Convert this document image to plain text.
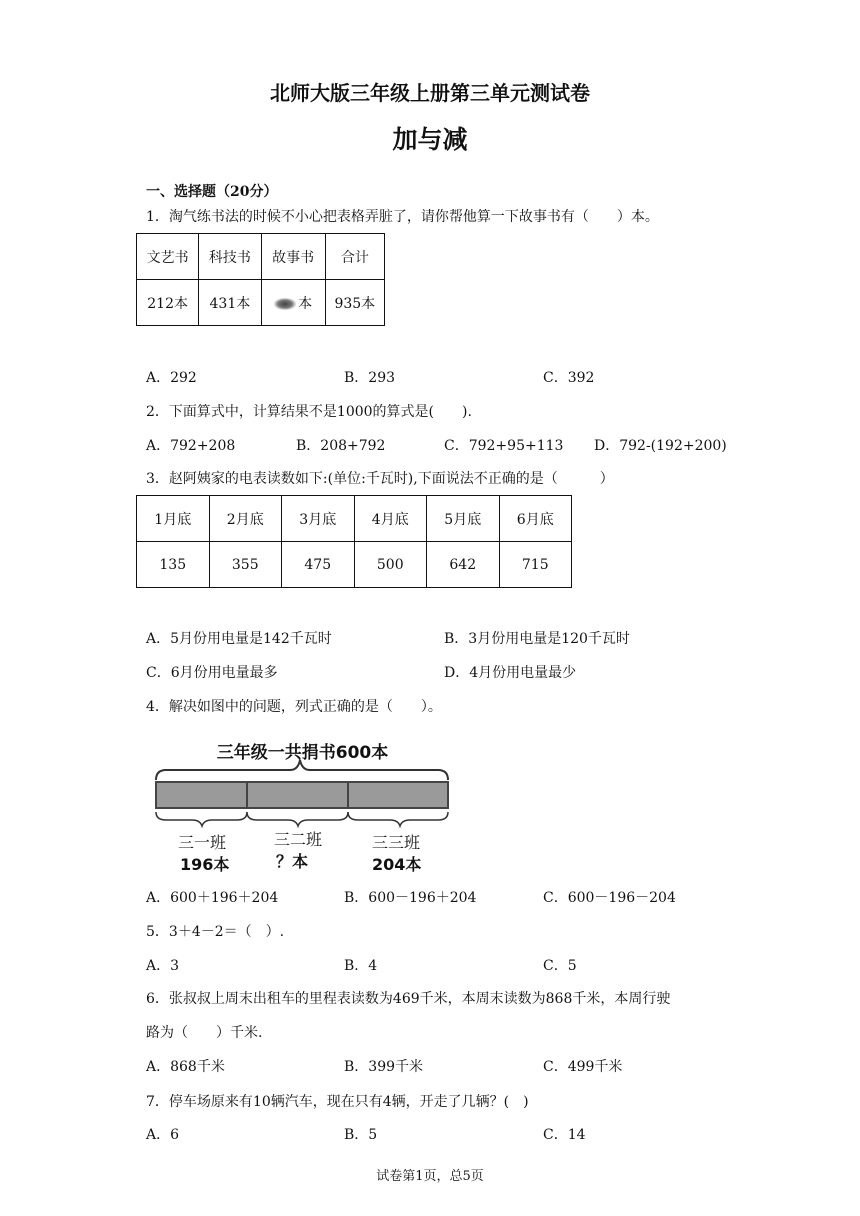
北师大版三年级上册第三单元测试卷
加与减
一、选择题（20分）
1．淘气练书法的时候不小心把表格弄脏了，请你帮他算一下故事书有（　　）本。
文艺书	科技书	故事书	合计
212本	431本	本	935本
A．292	B．293	C．392
2．下面算式中，计算结果不是1000的算式是(　　).
A．792+208	B．208+792	C．792+95+113 D．792-(192+200)
3．赵阿姨家的电表读数如下:(单位:千瓦时),下面说法不正确的是（　　　）
1月底	2月底	3月底	4月底	5月底	6月底
135	355	475	500	642	715
A．5月份用电量是142千瓦时	B．3月份用电量是120千瓦时
C．6月份用电量最多	D．4月份用电量最少
4．解决如图中的问题，列式正确的是（　　）。
三年级一共捐书600本
三一班
196本
三二班
？本
三三班
204本
A．600＋196＋204	B．600－196＋204	C．600－196－204
5．3＋4－2＝（　）.
A．3	B．4	C．5
6．张叔叔上周末出租车的里程表读数为469千米，本周末读数为868千米，本周行驶
路为（　　）千米.
A．868千米	B．399千米	C．499千米
7．停车场原来有10辆汽车，现在只有4辆，开走了几辆？(　)
A．6	B．5	C．14
试卷第1页，总5页
